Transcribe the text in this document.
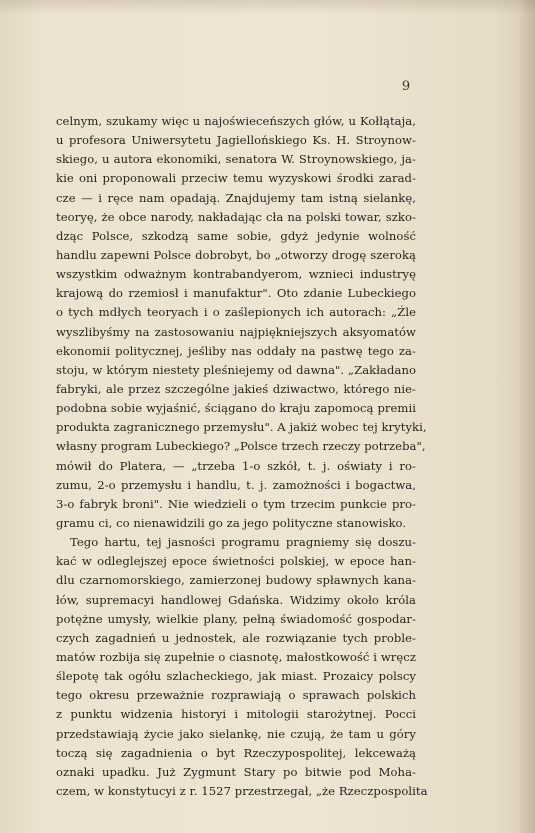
9
celnym, szukamy więc u najoświeceńszych głów, u Kołłątaja,
u profesora Uniwersytetu Jagiellońskiego Ks. H. Stroynow-
skiego, u autora ekonomiki, senatora W. Stroynowskiego, ja-
kie oni proponowali przeciw temu wyzyskowi środki zarad-
cze — i ręce nam opadają. Znajdujemy tam istną sielankę,
teoryę, że obce narody, nakładając cła na polski towar, szko-
dząc Polsce, szkodzą same sobie, gdyż jedynie wolność
handlu zapewni Polsce dobrobyt, bo „otworzy drogę szeroką
wszystkim odważnym kontrabandyerom, wznieci industryę
krajową do rzemiosł i manufaktur". Oto zdanie Lubeckiego
o tych mdłych teoryach i o zaślepionych ich autorach: „Źle
wyszlibyśmy na zastosowaniu najpiękniejszych aksyomatów
ekonomii politycznej, jeśliby nas oddały na pastwę tego za-
stoju, w którym niestety pleśniejemy od dawna". „Zakładano
fabryki, ale przez szczególne jakieś dziwactwo, którego nie-
podobna sobie wyjaśnić, ściągano do kraju zapomocą premii
produkta zagranicznego przemysłu". A jakiż wobec tej krytyki,
własny program Lubeckiego? „Polsce trzech rzeczy potrzeba",
mówił do Platera, — „trzeba 1-o szkół, t. j. oświaty i ro-
zumu, 2-o przemysłu i handlu, t. j. zamożności i bogactwa,
3-o fabryk broni". Nie wiedzieli o tym trzecim punkcie pro-
gramu ci, co nienawidzili go za jego polityczne stanowisko.
Tego hartu, tej jasności programu pragniemy się doszu-
kać w odleglejszej epoce świetności polskiej, w epoce han-
dlu czarnomorskiego, zamierzonej budowy spławnych kana-
łów, supremacyi handlowej Gdańska. Widzimy około króla
potężne umysły, wielkie plany, pełną świadomość gospodar-
czych zagadnień u jednostek, ale rozwiązanie tych proble-
matów rozbija się zupełnie o ciasnotę, małostkowość i wręcz
ślepotę tak ogółu szlacheckiego, jak miast. Prozaicy polscy
tego okresu przeważnie rozprawiają o sprawach polskich
z punktu widzenia historyi i mitologii starożytnej. Pocci
przedstawiają życie jako sielankę, nie czują, że tam u góry
toczą się zagadnienia o byt Rzeczypospolitej, lekceważą
oznaki upadku. Już Zygmunt Stary po bitwie pod Moha-
czem, w konstytucyi z r. 1527 przestrzegał, „że Rzeczpospolita
